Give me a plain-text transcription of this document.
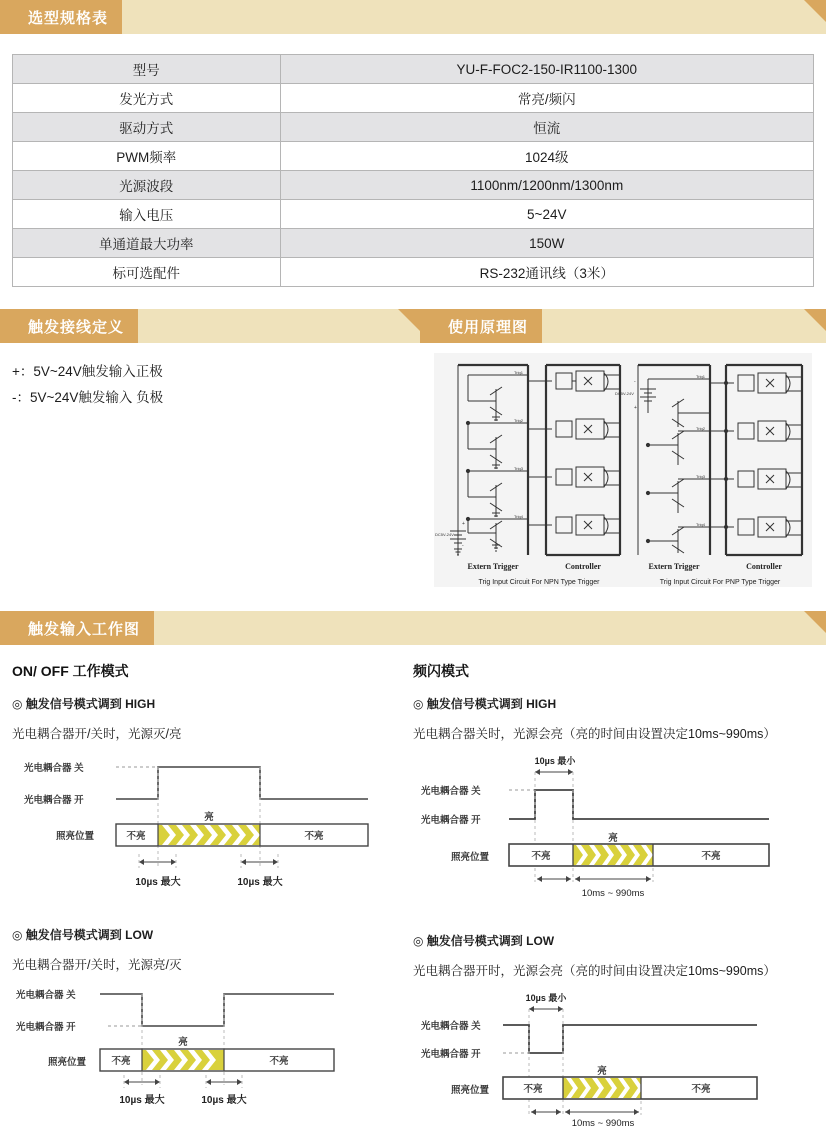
选型规格表
型号	YU-F-FOC2-150-IR1100-1300
发光方式	常亮/频闪
驱动方式	恒流
PWM频率	1024级
光源波段	1100nm/1200nm/1300nm
输入电压	5~24V
单通道最大功率	150W
标可选配件	RS-232通讯线（3米）
触发接线定义
+：5V~24V触发输入正极
-：5V~24V触发输入 负极
使用原理图
Trig1
Trig2
Trig3
Trig4
+
-
DC5V-24V
Trig1
Trig2
Trig3
Trig4
-
+
DC5V-24V
Extern Trigger	Controller	Extern Trigger	Controller
Trig Input Circuit For NPN Type Trigger	Trig Input Circuit For PNP Type Trigger
触发输入工作图
ON/ OFF 工作模式
◎ 触发信号模式调到 HIGH
光电耦合器开/关时，光源灭/亮
光电耦合器 关
光电耦合器 开
照亮位置	不亮
亮
不亮
10µs 最大	10µs 最大
◎ 触发信号模式调到 LOW
光电耦合器开/关时，光源亮/灭
光电耦合器 关
光电耦合器 开
照亮位置	不亮
亮
不亮
10µs 最大	10µs 最大
频闪模式
◎ 触发信号模式调到 HIGH
光电耦合器关时，光源会亮（亮的时间由设置决定10ms~990ms）
光电耦合器 关
光电耦合器 开
照亮位置
10µs 最小
不亮
亮
不亮
10ms ~ 990ms
◎ 触发信号模式调到 LOW
光电耦合器开时，光源会亮（亮的时间由设置决定10ms~990ms）
光电耦合器 关
光电耦合器 开
照亮位置
10µs 最小
不亮
亮
不亮
10ms ~ 990ms
